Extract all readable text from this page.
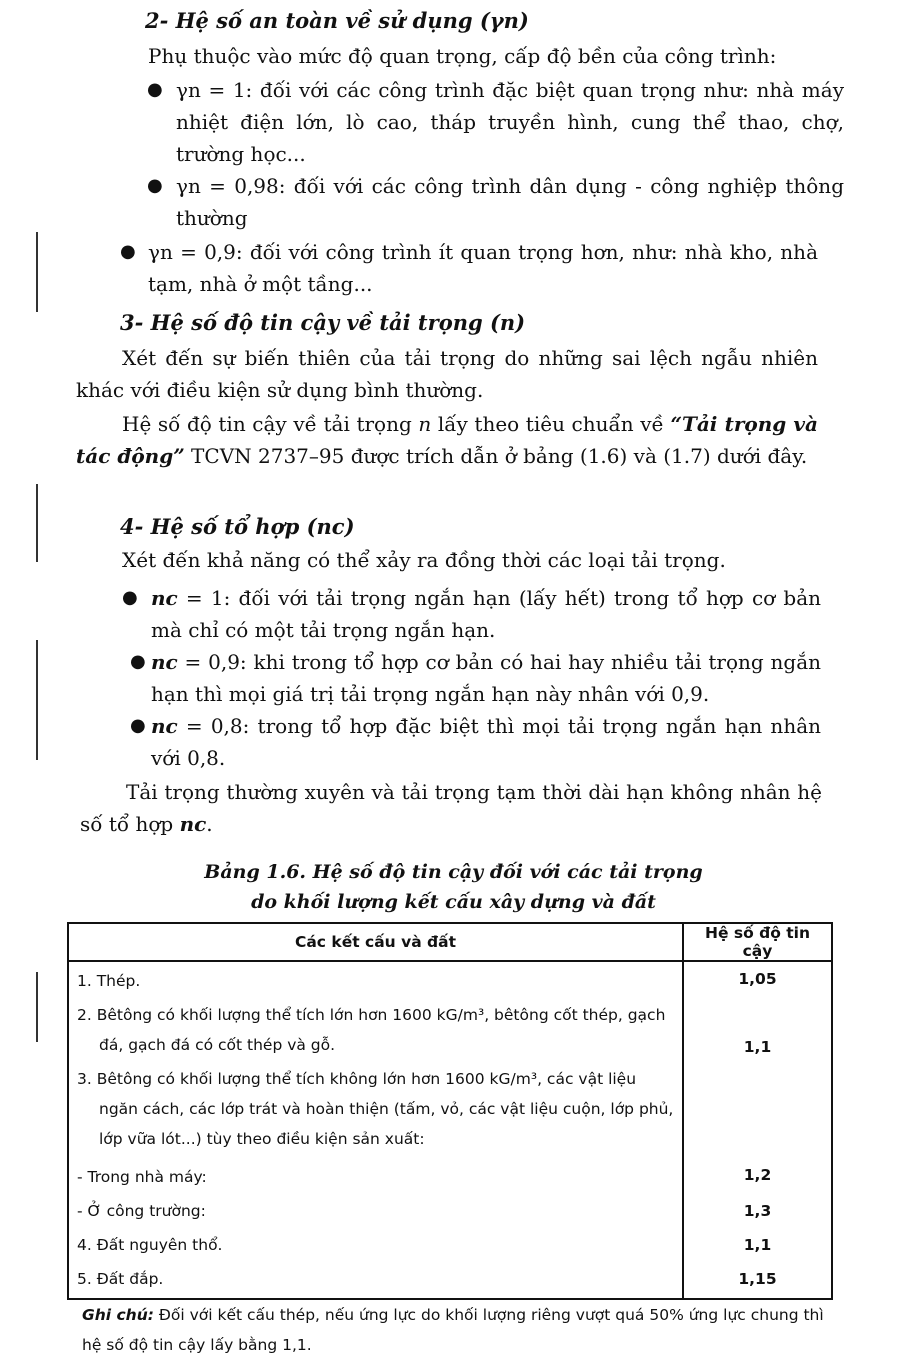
2- Hệ số an toàn về sử dụng (γn)
Phụ thuộc vào mức độ quan trọng, cấp độ bền của công trình:
● γn = 1: đối với các công trình đặc biệt quan trọng như: nhà máy nhiệt điện lớn, lò cao, tháp truyền hình, cung thể thao, chợ, trường học...
● γn = 0,98: đối với các công trình dân dụng - công nghiệp thông thường
● γn = 0,9: đối với công trình ít quan trọng hơn, như: nhà kho, nhà tạm, nhà ở một tầng...
3- Hệ số độ tin cậy về tải trọng (n)
Xét đến sự biến thiên của tải trọng do những sai lệch ngẫu nhiên khác với điều kiện sử dụng bình thường.
Hệ số độ tin cậy về tải trọng n lấy theo tiêu chuẩn về “Tải trọng và tác động” TCVN 2737–95 được trích dẫn ở bảng (1.6) và (1.7) dưới đây.
4- Hệ số tổ hợp (nc)
Xét đến khả năng có thể xảy ra đồng thời các loại tải trọng.
● nc = 1: đối với tải trọng ngắn hạn (lấy hết) trong tổ hợp cơ bản mà chỉ có một tải trọng ngắn hạn.
● nc = 0,9: khi trong tổ hợp cơ bản có hai hay nhiều tải trọng ngắn hạn thì mọi giá trị tải trọng ngắn hạn này nhân với 0,9.
● nc = 0,8: trong tổ hợp đặc biệt thì mọi tải trọng ngắn hạn nhân với 0,8.
Tải trọng thường xuyên và tải trọng tạm thời dài hạn không nhân hệ số tổ hợp nc.
Bảng 1.6. Hệ số độ tin cậy đối với các tải trọng
do khối lượng kết cấu xây dựng và đất
Các kết cấu và đất	Hệ số độ tin cậy
1. Thép.	1,05
2. Bêtông có khối lượng thể tích lớn hơn 1600 kG/m³, bêtông cốt thép, gạch đá, gạch đá có cốt thép và gỗ.	1,1
3. Bêtông có khối lượng thể tích không lớn hơn 1600 kG/m³, các vật liệu ngăn cách, các lớp trát và hoàn thiện (tấm, vỏ, các vật liệu cuộn, lớp phủ, lớp vữa lót...) tùy theo điều kiện sản xuất:	
- Trong nhà máy:	1,2
- Ở công trường:	1,3
4. Đất nguyên thổ.	1,1
5. Đất đắp.	1,15
Ghi chú: Đối với kết cấu thép, nếu ứng lực do khối lượng riêng vượt quá 50% ứng lực chung thì hệ số độ tin cậy lấy bằng 1,1.
